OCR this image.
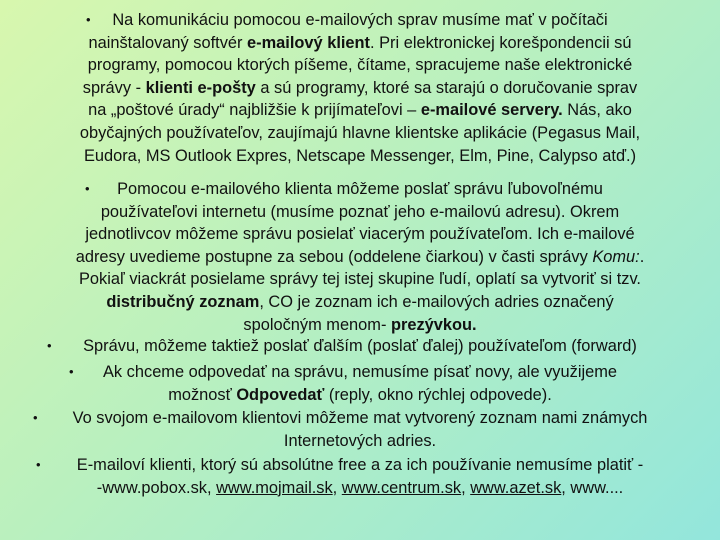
Na komunikáciu pomocou e-mailových sprav musíme mať v počítači
nainštalovaný softvér e-mailový klient. Pri elektronickej korešpondencii sú
programy, pomocou ktorých píšeme, čítame, spracujeme naše elektronické
správy - klienti e-pošty a sú programy, ktoré sa starajú o doručovanie sprav
na „poštové úrady“ najbližšie k prijímateľovi – e-mailové servery. Nás, ako
obyčajných používateľov, zaujímajú hlavne klientske aplikácie (Pegasus Mail,
Eudora, MS Outlook Expres, Netscape Messenger, Elm, Pine, Calypso atď.)
Pomocou e-mailového klienta môžeme poslať správu ľubovoľnému
používateľovi internetu (musíme poznať jeho e-mailovú adresu). Okrem
jednotlivcov môžeme správu posielať viacerým používateľom. Ich e-mailové
adresy uvedieme postupne za sebou (oddelene čiarkou) v časti správy Komu:.
Pokiaľ viackrát posielame správy tej istej skupine ľudí, oplatí sa vytvoriť si tzv.
distribučný zoznam, CO je zoznam ich e-mailových adries označený
spoločným menom- prezývkou.
Správu, môžeme taktiež poslať ďalším (poslať ďalej) používateľom (forward)
Ak chceme odpovedať na správu, nemusíme písať novy, ale využijeme
možnosť Odpovedať (reply, okno rýchlej odpovede).
Vo svojom e-mailovom klientovi môžeme mat vytvorený zoznam nami známych
Internetových adries.
E-mailoví klienti, ktorý sú absolútne free a za ich používanie nemusíme platiť -
-www.pobox.sk, www.mojmail.sk, www.centrum.sk, www.azet.sk, www....
•
•
•
•
•
•
